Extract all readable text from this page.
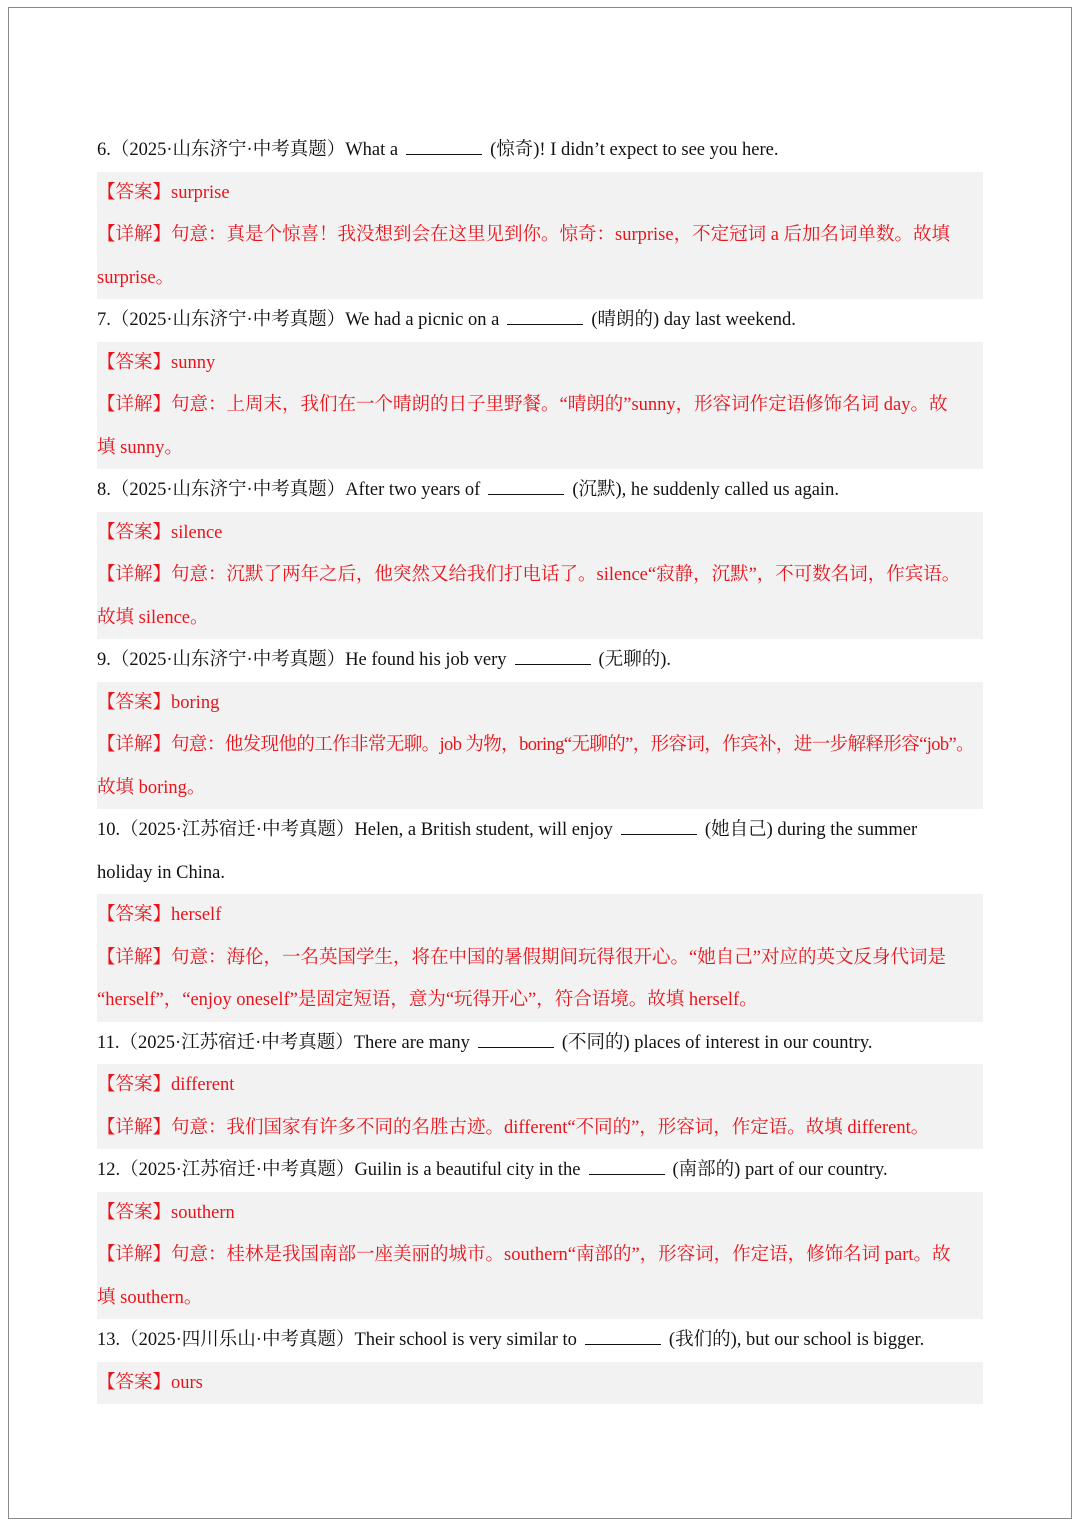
6.（2025·山东济宁·中考真题）What a	(惊奇)! I didn’t expect to see you here.
【答案】surprise
【详解】句意：真是个惊喜！我没想到会在这里见到你。惊奇：surprise，不定冠词 a 后加名词单数。故填
surprise。
7.（2025·山东济宁·中考真题）We had a picnic on a	(晴朗的) day last weekend.
【答案】sunny
【详解】句意：上周末，我们在一个晴朗的日子里野餐。“晴朗的”sunny，形容词作定语修饰名词 day。故
填 sunny。
8.（2025·山东济宁·中考真题）After two years of	(沉默), he suddenly called us again.
【答案】silence
【详解】句意：沉默了两年之后，他突然又给我们打电话了。silence“寂静，沉默”，不可数名词，作宾语。
故填 silence。
9.（2025·山东济宁·中考真题）He found his job very	(无聊的).
【答案】boring
【详解】句意：他发现他的工作非常无聊。job 为物，boring“无聊的”，形容词，作宾补，进一步解释形容“job”。
故填 boring。
10.（2025·江苏宿迁·中考真题）Helen, a British student, will enjoy	(她自己) during the summer
holiday in China.
【答案】herself
【详解】句意：海伦，一名英国学生，将在中国的暑假期间玩得很开心。“她自己”对应的英文反身代词是
“herself”，“enjoy oneself”是固定短语，意为“玩得开心”，符合语境。故填 herself。
11.（2025·江苏宿迁·中考真题）There are many	(不同的) places of interest in our country.
【答案】different
【详解】句意：我们国家有许多不同的名胜古迹。different“不同的”，形容词，作定语。故填 different。
12.（2025·江苏宿迁·中考真题）Guilin is a beautiful city in the	(南部的) part of our country.
【答案】southern
【详解】句意：桂林是我国南部一座美丽的城市。southern“南部的”，形容词，作定语，修饰名词 part。故
填 southern。
13.（2025·四川乐山·中考真题）Their school is very similar to	(我们的), but our school is bigger.
【答案】ours
